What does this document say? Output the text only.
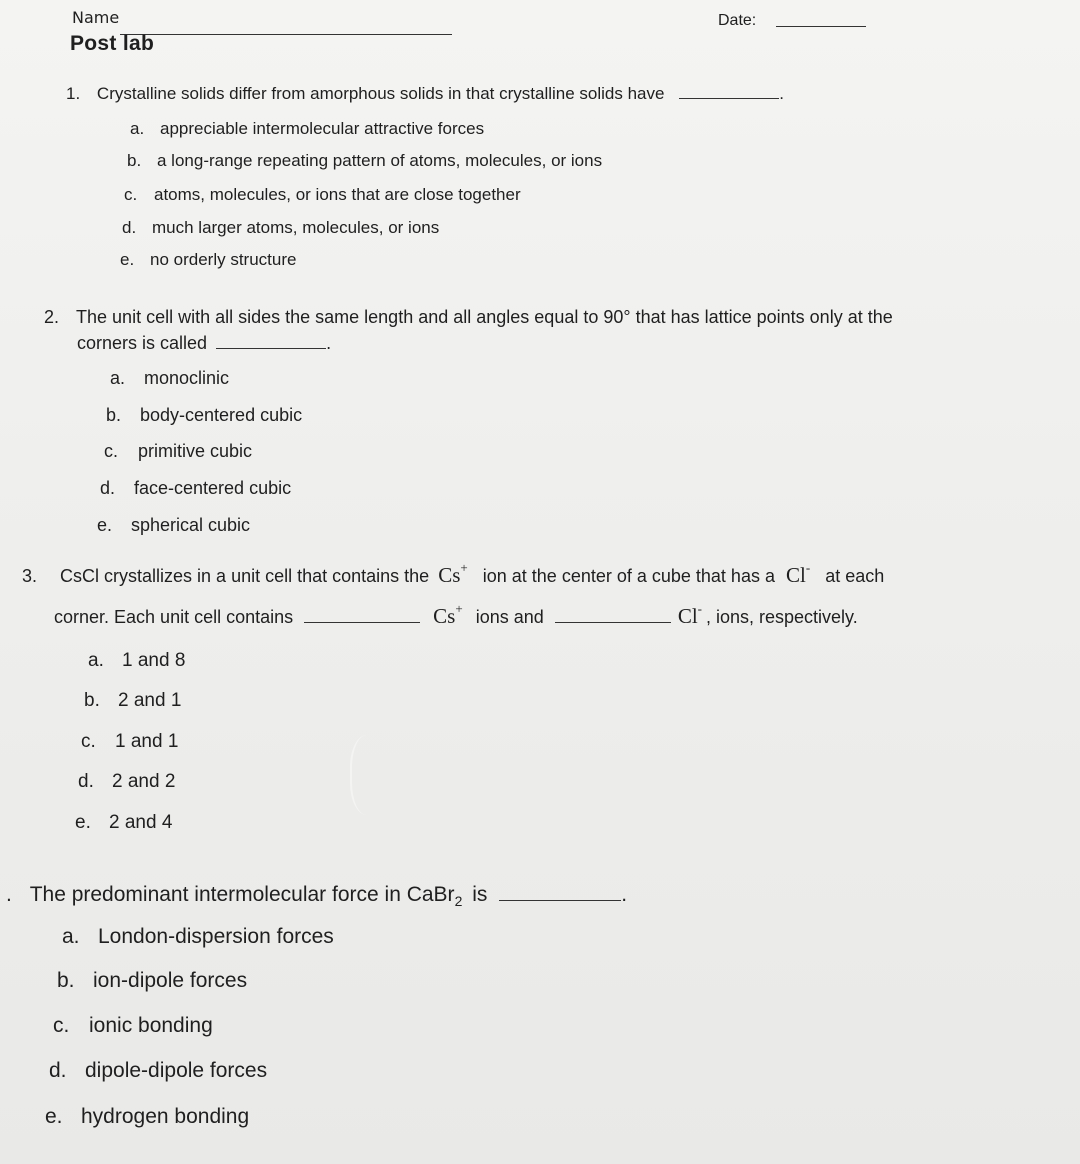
Name	Date:
Post lab
1. Crystalline solids differ from amorphous solids in that crystalline solids have	.
a. appreciable intermolecular attractive forces
b. a long-range repeating pattern of atoms, molecules, or ions
c. atoms, molecules, or ions that are close together
d. much larger atoms, molecules, or ions
e. no orderly structure
2. The unit cell with all sides the same length and all angles equal to 90° that has lattice points only at the
corners is called	.
a. monoclinic
b. body-centered cubic
c. primitive cubic
d. face-centered cubic
e. spherical cubic
3. CsCl crystallizes in a unit cell that contains the Cs+ ion at the center of a cube that has a Cl- at each
corner. Each unit cell contains	Cs+ ions and	Cl- , ions, respectively.
a. 1 and 8
b. 2 and 1
c. 1 and 1
d. 2 and 2
e. 2 and 4
. The predominant intermolecular force in CaBr$_2$ is	.
a. London-dispersion forces
b. ion-dipole forces
c. ionic bonding
d. dipole-dipole forces
e. hydrogen bonding
